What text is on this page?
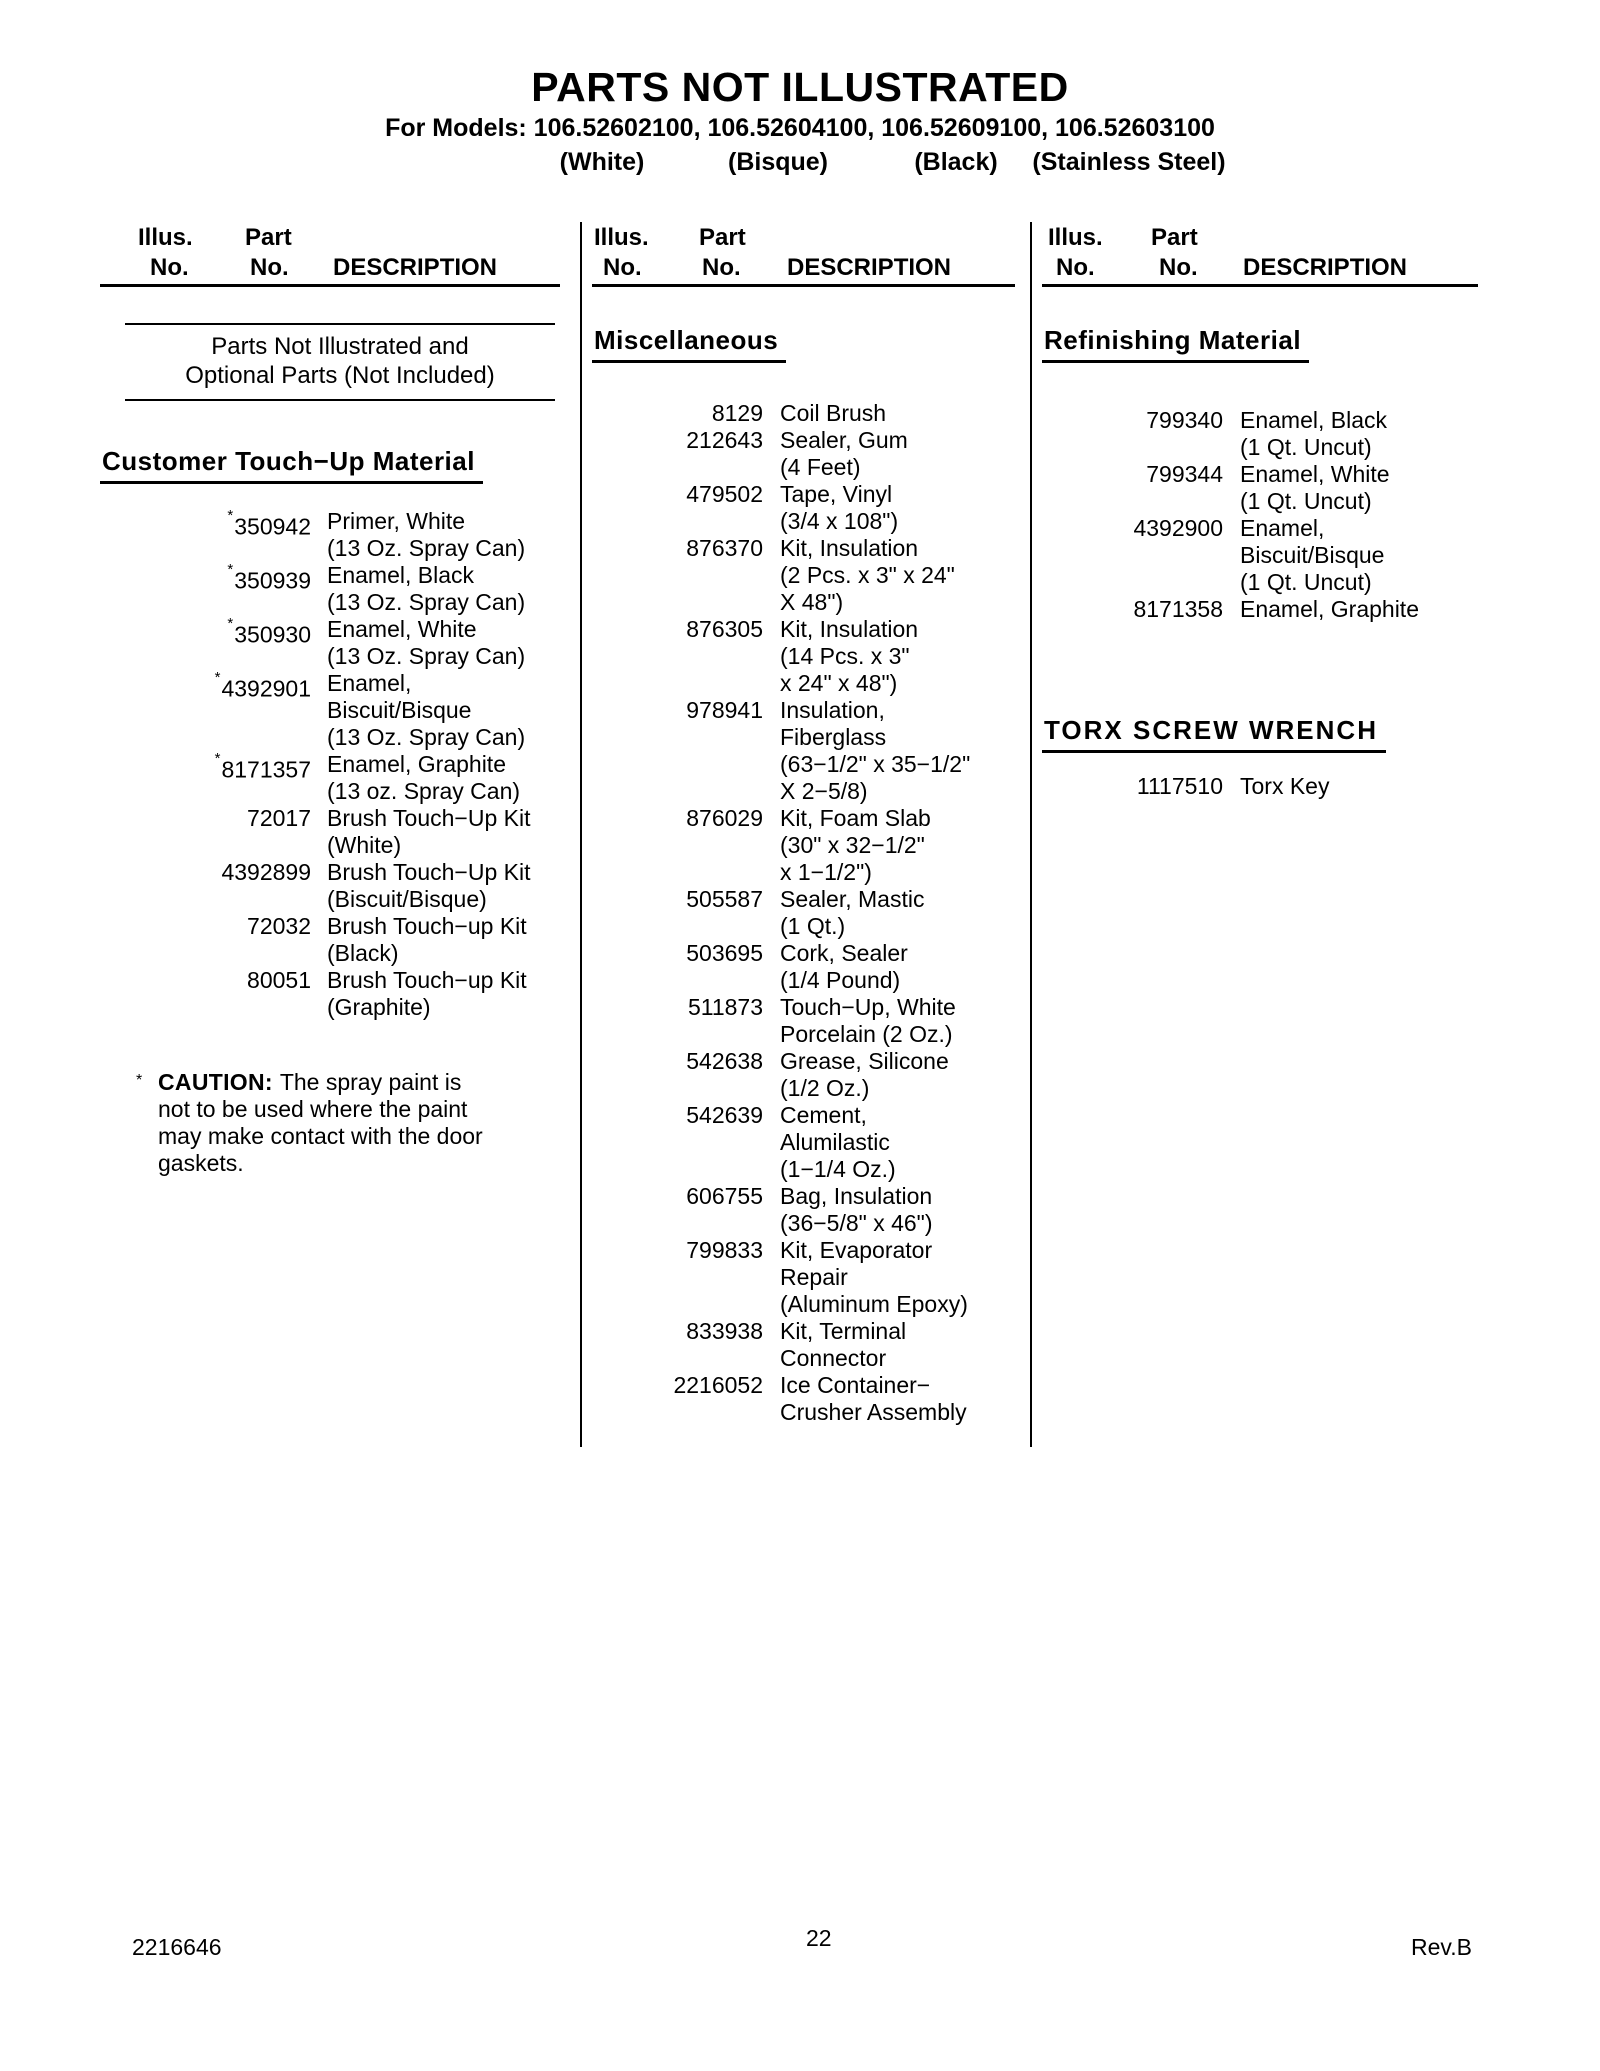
PARTS NOT ILLUSTRATED
For Models: 106.52602100, 106.52604100, 106.52609100, 106.52603100
(White)	(Bisque)	(Black) (Stainless Steel)
Illus. Part
No.	No. DESCRIPTION
Parts Not Illustrated and
Optional Parts (Not Included)
Customer Touch−Up Material
*350942 Primer, White
(13 Oz. Spray Can)
*350939 Enamel, Black
(13 Oz. Spray Can)
*350930 Enamel, White
(13 Oz. Spray Can)
*4392901 Enamel,
Biscuit/Bisque
(13 Oz. Spray Can)
*8171357 Enamel, Graphite
(13 oz. Spray Can)
72017 Brush Touch−Up Kit
(White)
4392899 Brush Touch−Up Kit
(Biscuit/Bisque)
72032 Brush Touch−up Kit
(Black)
80051 Brush Touch−up Kit
(Graphite)
* CAUTION: The spray paint is
not to be used where the paint
may make contact with the door
gaskets.
Illus. Part
No.	No. DESCRIPTION
Miscellaneous
8129 Coil Brush
212643 Sealer, Gum
(4 Feet)
479502 Tape, Vinyl
(3/4 x 108")
876370 Kit, Insulation
(2 Pcs. x 3" x 24"
X 48")
876305 Kit, Insulation
(14 Pcs. x 3"
x 24" x 48")
978941 Insulation,
Fiberglass
(63−1/2" x 35−1/2"
X 2−5/8)
876029 Kit, Foam Slab
(30" x 32−1/2"
x 1−1/2")
505587 Sealer, Mastic
(1 Qt.)
503695 Cork, Sealer
(1/4 Pound)
511873 Touch−Up, White
Porcelain (2 Oz.)
542638 Grease, Silicone
(1/2 Oz.)
542639 Cement,
Alumilastic
(1−1/4 Oz.)
606755 Bag, Insulation
(36−5/8" x 46")
799833 Kit, Evaporator
Repair
(Aluminum Epoxy)
833938 Kit, Terminal
Connector
2216052 Ice Container−
Crusher Assembly
Illus. Part
No.	No. DESCRIPTION
Refinishing Material
799340 Enamel, Black
(1 Qt. Uncut)
799344 Enamel, White
(1 Qt. Uncut)
4392900 Enamel,
Biscuit/Bisque
(1 Qt. Uncut)
8171358 Enamel, Graphite
TORX SCREW WRENCH
1117510 Torx Key
2216646	22	Rev.B
